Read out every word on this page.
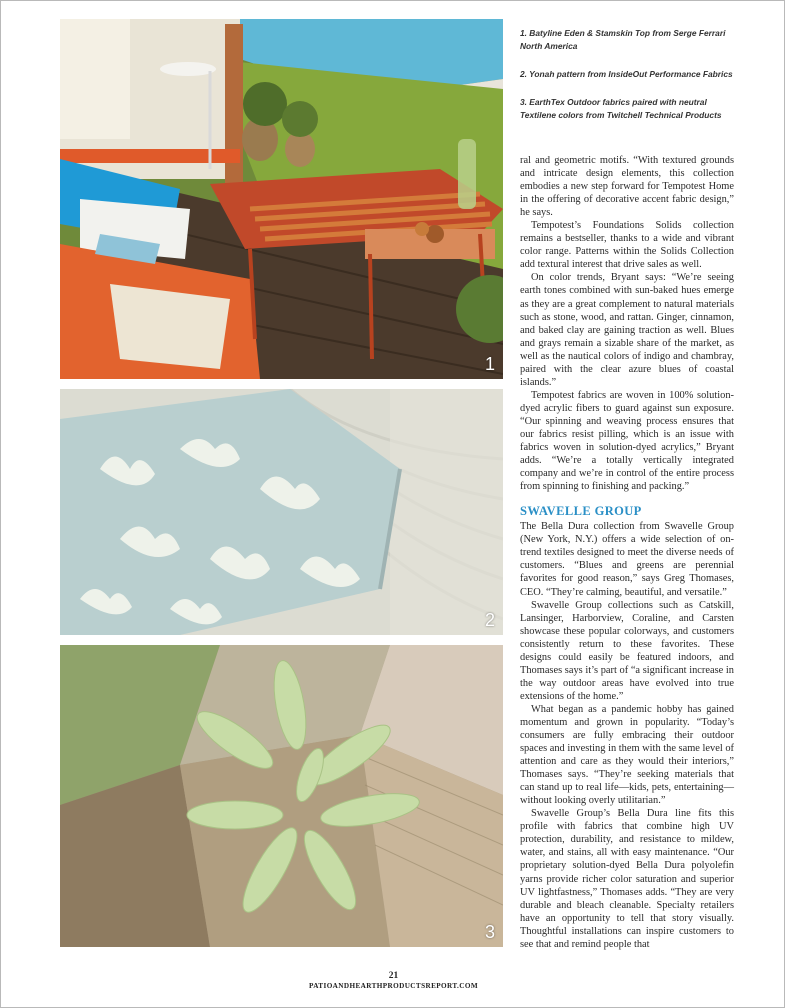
1
2
3

1. Batyline Eden & Stamskin Top from Serge Ferrari North America

2. Yonah pattern from InsideOut Performance Fabrics

3. EarthTex Outdoor fabrics paired with neutral Textilene colors from Twitchell Technical Products

ral and geometric motifs. “With textured grounds and intricate design elements, this collection embodies a new step forward for Tempotest Home in the offering of decorative accent fabric design,” he says.

Tempotest’s Foundations Solids collection remains a bestseller, thanks to a wide and vibrant color range. Patterns within the Solids Collection add textural interest that drive sales as well.

On color trends, Bryant says: “We’re seeing earth tones combined with sun-baked hues emerge as they are a great complement to natural materials such as stone, wood, and rattan. Ginger, cinnamon, and baked clay are gaining traction as well. Blues and grays remain a sizable share of the market, as well as the nautical colors of indigo and chambray, paired with the clear azure blues of coastal islands.”

Tempotest fabrics are woven in 100% solution-dyed acrylic fibers to guard against sun exposure. “Our spinning and weaving process ensures that our fabrics resist pilling, which is an issue with fabrics woven in solution-dyed acrylics,” Bryant adds. “We’re a totally vertically integrated company and we’re in control of the entire process from spinning to finishing and packing.”

SWAVELLE GROUP

The Bella Dura collection from Swavelle Group (New York, N.Y.) offers a wide selection of on-trend textiles designed to meet the diverse needs of customers. “Blues and greens are perennial favorites for good reason,” says Greg Thomases, CEO. “They’re calming, beautiful, and versatile.”

Swavelle Group collections such as Catskill, Lansinger, Harborview, Coraline, and Carsten showcase these popular colorways, and customers consistently return to these favorites. These designs could easily be featured indoors, and Thomases says it’s part of “a significant increase in the way outdoor areas have evolved into true extensions of the home.”

What began as a pandemic hobby has gained momentum and grown in popularity. “Today’s consumers are fully embracing their outdoor spaces and investing in them with the same level of attention and care as they would their interiors,” Thomases says. “They’re seeking materials that can stand up to real life—kids, pets, entertaining—without looking overly utilitarian.”

Swavelle Group’s Bella Dura line fits this profile with fabrics that combine high UV protection, durability, and resistance to mildew, water, and stains, all with easy maintenance. “Our proprietary solution-dyed Bella Dura polyolefin yarns provide richer color saturation and superior UV lightfastness,” Thomases adds. “They are very durable and bleach cleanable. Specialty retailers have an opportunity to tell that story visually. Thoughtful installations can inspire customers to see that and remind people that

21
PATIOANDHEARTHPRODUCTSREPORT.COM
